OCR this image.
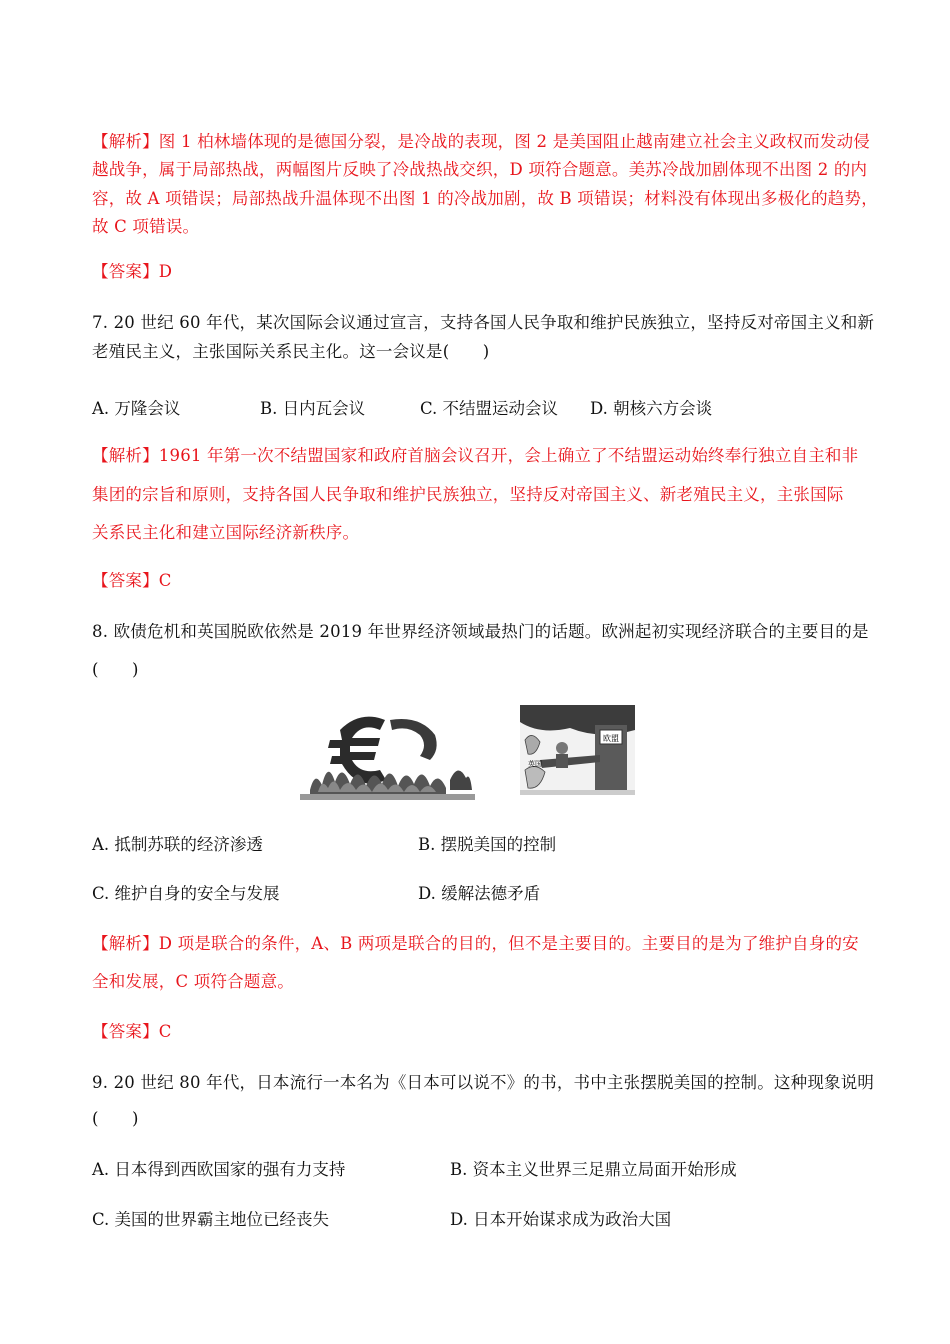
【解析】图 1 柏林墙体现的是德国分裂，是冷战的表现，图 2 是美国阻止越南建立社会主义政权而发动侵
越战争，属于局部热战，两幅图片反映了冷战热战交织，D 项符合题意。美苏冷战加剧体现不出图 2 的内
容，故 A 项错误；局部热战升温体现不出图 1 的冷战加剧，故 B 项错误；材料没有体现出多极化的趋势，
故 C 项错误。
【答案】D
7. 20 世纪 60 年代，某次国际会议通过宣言，支持各国人民争取和维护民族独立，坚持反对帝国主义和新
老殖民主义，主张国际关系民主化。这一会议是(　　)
A. 万隆会议	B. 日内瓦会议	C. 不结盟运动会议 D. 朝核六方会谈
【解析】1961 年第一次不结盟国家和政府首脑会议召开，会上确立了不结盟运动始终奉行独立自主和非
集团的宗旨和原则，支持各国人民争取和维护民族独立，坚持反对帝国主义、新老殖民主义，主张国际
关系民主化和建立国际经济新秩序。
【答案】C
8. 欧债危机和英国脱欧依然是 2019 年世界经济领域最热门的话题。欧洲起初实现经济联合的主要目的是
(　　)
欧盟
英国
A. 抵制苏联的经济渗透	B. 摆脱美国的控制
C. 维护自身的安全与发展	D. 缓解法德矛盾
【解析】D 项是联合的条件，A、B 两项是联合的目的，但不是主要目的。主要目的是为了维护自身的安
全和发展，C 项符合题意。
【答案】C
9. 20 世纪 80 年代，日本流行一本名为《日本可以说不》的书，书中主张摆脱美国的控制。这种现象说明
(　　)
A. 日本得到西欧国家的强有力支持	B. 资本主义世界三足鼎立局面开始形成
C. 美国的世界霸主地位已经丧失	D. 日本开始谋求成为政治大国
